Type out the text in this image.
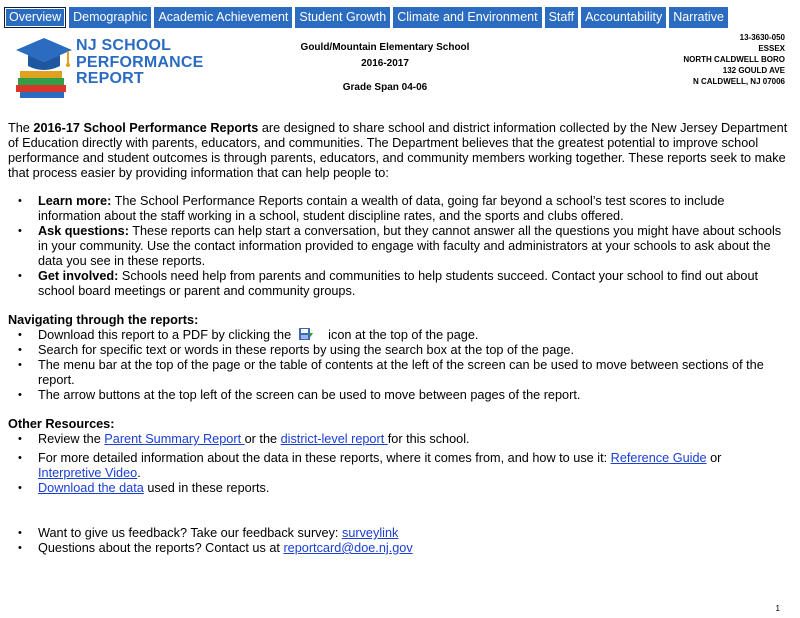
Overview Demographic Academic Achievement Student Growth Climate and Environment Staff Accountability Narrative
NJ SCHOOL
PERFORMANCE
REPORT
Gould/Mountain Elementary School
2016-2017
Grade Span 04-06
13-3630-050
ESSEX
NORTH CALDWELL BORO
132 GOULD AVE
N CALDWELL, NJ 07006

The 2016-17 School Performance Reports are designed to share school and district information collected by the New Jersey Department of Education directly with parents, educators, and communities. The Department believes that the greatest potential to improve school performance and student outcomes is through parents, educators, and community members working together. These reports seek to make that process easier by providing information that can help people to:

• Learn more: The School Performance Reports contain a wealth of data, going far beyond a school’s test scores to include information about the staff working in a school, student discipline rates, and the sports and clubs offered.
• Ask questions: These reports can help start a conversation, but they cannot answer all the questions you might have about schools in your community. Use the contact information provided to engage with faculty and administrators at your schools to ask about the data you see in these reports.
• Get involved: Schools need help from parents and communities to help students succeed. Contact your school to find out about school board meetings or parent and community groups.
Navigating through the reports:
• Download this report to a PDF by clicking the	icon at the top of the page.
• Search for specific text or words in these reports by using the search box at the top of the page.
• The menu bar at the top of the page or the table of contents at the left of the screen can be used to move between sections of the report.
• The arrow buttons at the top left of the screen can be used to move between pages of the report.
Other Resources:
• Review the Parent Summary Report or the district-level report for this school.
• For more detailed information about the data in these reports, where it comes from, and how to use it: Reference Guide or Interpretive Video.
• Download the data used in these reports.
• Want to give us feedback? Take our feedback survey: surveylink
• Questions about the reports? Contact us at reportcard@doe.nj.gov
1
